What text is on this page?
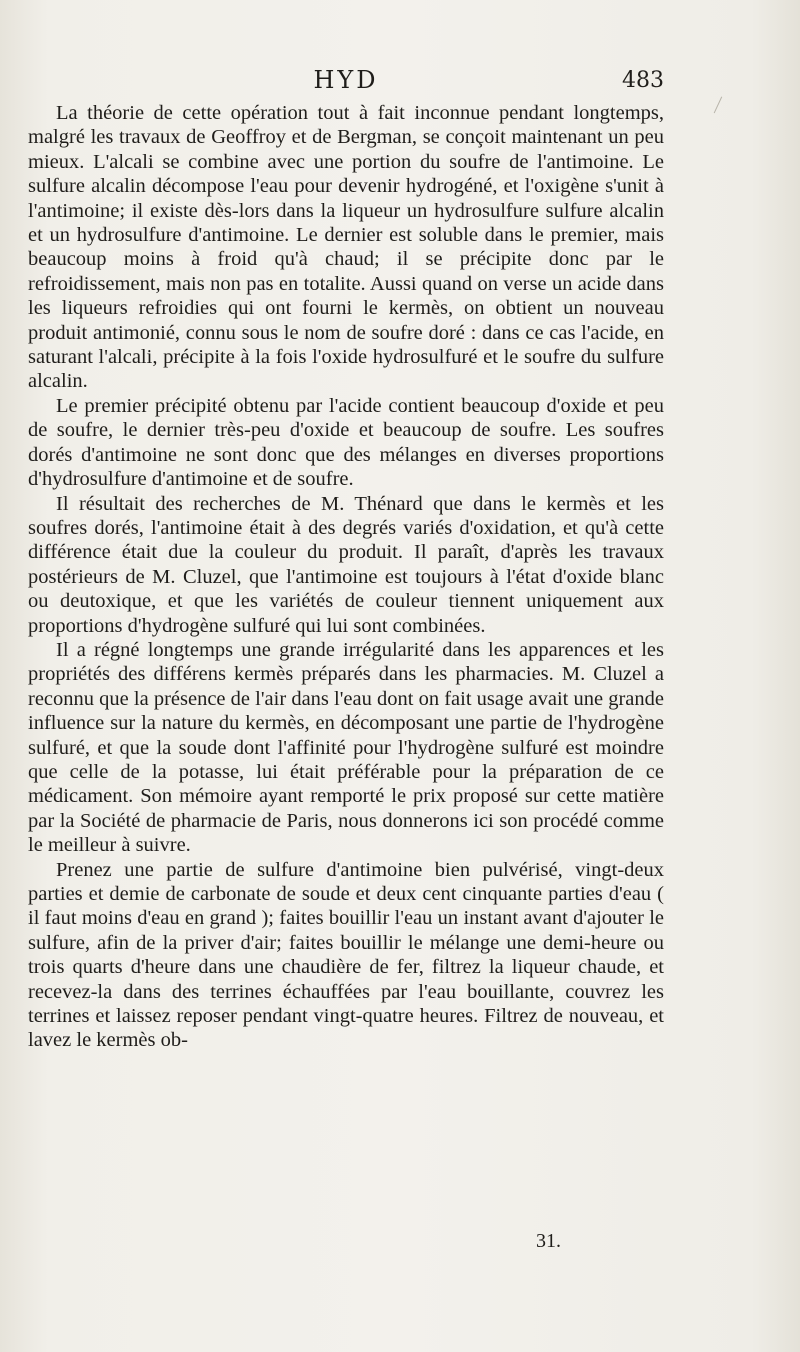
HYD	483

La théorie de cette opération tout à fait inconnue pendant longtemps, malgré les travaux de Geoffroy et de Bergman, se conçoit maintenant un peu mieux. L'alcali se combine avec une portion du soufre de l'antimoine. Le sulfure alcalin décompose l'eau pour devenir hydrogéné, et l'oxigène s'unit à l'antimoine; il existe dès-lors dans la liqueur un hydrosulfure sulfure alcalin et un hydrosulfure d'antimoine. Le dernier est soluble dans le premier, mais beaucoup moins à froid qu'à chaud; il se précipite donc par le refroidissement, mais non pas en totalite. Aussi quand on verse un acide dans les liqueurs refroidies qui ont fourni le kermès, on obtient un nouveau produit antimonié, connu sous le nom de soufre doré : dans ce cas l'acide, en saturant l'alcali, précipite à la fois l'oxide hydrosulfuré et le soufre du sulfure alcalin.

Le premier précipité obtenu par l'acide contient beaucoup d'oxide et peu de soufre, le dernier très-peu d'oxide et beaucoup de soufre. Les soufres dorés d'antimoine ne sont donc que des mélanges en diverses proportions d'hydrosulfure d'antimoine et de soufre.

Il résultait des recherches de M. Thénard que dans le kermès et les soufres dorés, l'antimoine était à des degrés variés d'oxidation, et qu'à cette différence était due la couleur du produit. Il paraît, d'après les travaux postérieurs de M. Cluzel, que l'antimoine est toujours à l'état d'oxide blanc ou deutoxique, et que les variétés de couleur tiennent uniquement aux proportions d'hydrogène sulfuré qui lui sont combinées.

Il a régné longtemps une grande irrégularité dans les apparences et les propriétés des différens kermès préparés dans les pharmacies. M. Cluzel a reconnu que la présence de l'air dans l'eau dont on fait usage avait une grande influence sur la nature du kermès, en décomposant une partie de l'hydrogène sulfuré, et que la soude dont l'affinité pour l'hydrogène sulfuré est moindre que celle de la potasse, lui était préférable pour la préparation de ce médicament. Son mémoire ayant remporté le prix proposé sur cette matière par la Société de pharmacie de Paris, nous donnerons ici son procédé comme le meilleur à suivre.

Prenez une partie de sulfure d'antimoine bien pulvérisé, vingt-deux parties et demie de carbonate de soude et deux cent cinquante parties d'eau ( il faut moins d'eau en grand ); faites bouillir l'eau un instant avant d'ajouter le sulfure, afin de la priver d'air; faites bouillir le mélange une demi-heure ou trois quarts d'heure dans une chaudière de fer, filtrez la liqueur chaude, et recevez-la dans des terrines échauffées par l'eau bouillante, couvrez les terrines et laissez reposer pendant vingt-quatre heures. Filtrez de nouveau, et lavez le kermès ob-

31.
